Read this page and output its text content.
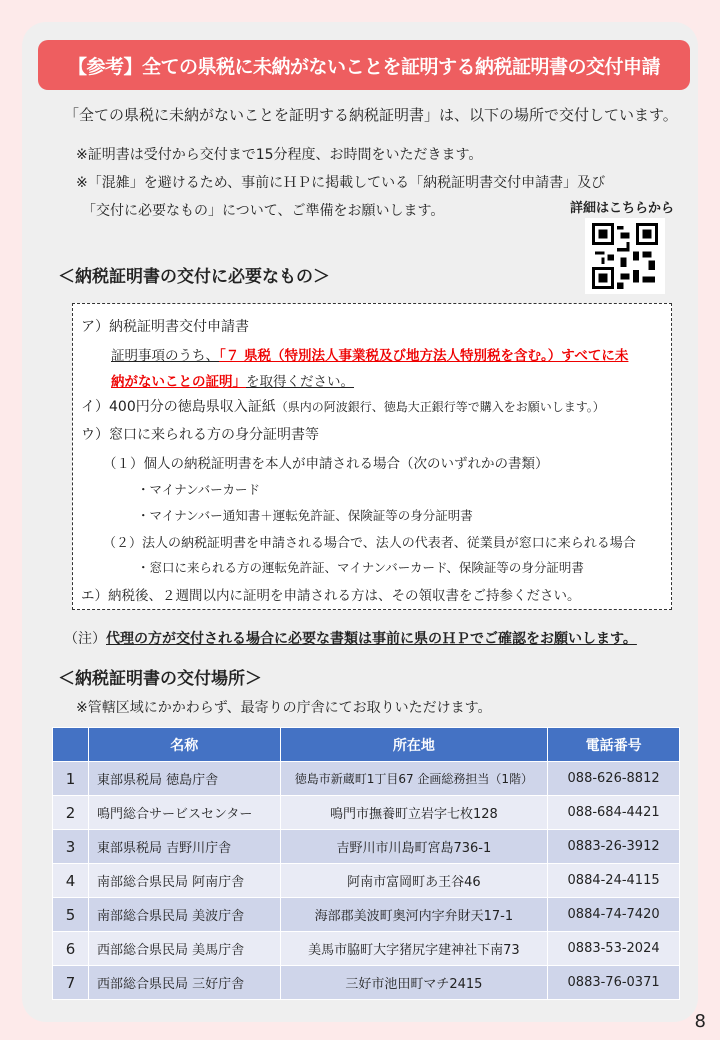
【参考】全ての県税に未納がないことを証明する納税証明書の交付申請
「全ての県税に未納がないことを証明する納税証明書」は、以下の場所で交付しています。
※証明書は受付から交付まで15分程度、お時間をいただきます。
※「混雑」を避けるため、事前にＨＰに掲載している「納税証明書交付申請書」及び
「交付に必要なもの」について、ご準備をお願いします。	詳細はこちらから
＜納税証明書の交付に必要なもの＞
ア）納税証明書交付申請書
証明事項のうち、「７ 県税（特別法人事業税及び地方法人特別税を含む。）すべてに未
納がないことの証明」を取得ください。
イ）400円分の徳島県収入証紙（県内の阿波銀行、徳島大正銀行等で購入をお願いします。）
ウ）窓口に来られる方の身分証明書等
（１）個人の納税証明書を本人が申請される場合（次のいずれかの書類）
・マイナンバーカード
・マイナンバー通知書＋運転免許証、保険証等の身分証明書
（２）法人の納税証明書を申請される場合で、法人の代表者、従業員が窓口に来られる場合
・窓口に来られる方の運転免許証、マイナンバーカード、保険証等の身分証明書
エ）納税後、２週間以内に証明を申請される方は、その領収書をご持参ください。
（注）代理の方が交付される場合に必要な書類は事前に県のＨＰでご確認をお願いします。
＜納税証明書の交付場所＞
※管轄区域にかかわらず、最寄りの庁舎にてお取りいただけます。
	名称	所在地	電話番号
1	東部県税局 徳島庁舎	徳島市新蔵町1丁目67 企画総務担当（1階）	088-626-8812
2	鳴門総合サービスセンター	鳴門市撫養町立岩字七枚128	088-684-4421
3	東部県税局 吉野川庁舎	吉野川市川島町宮島736-1	0883-26-3912
4	南部総合県民局 阿南庁舎	阿南市富岡町あ王谷46	0884-24-4115
5	南部総合県民局 美波庁舎	海部郡美波町奥河内字弁財天17-1	0884-74-7420
6	西部総合県民局 美馬庁舎	美馬市脇町大字猪尻字建神社下南73	0883-53-2024
7	西部総合県民局 三好庁舎	三好市池田町マチ2415	0883-76-0371
8
